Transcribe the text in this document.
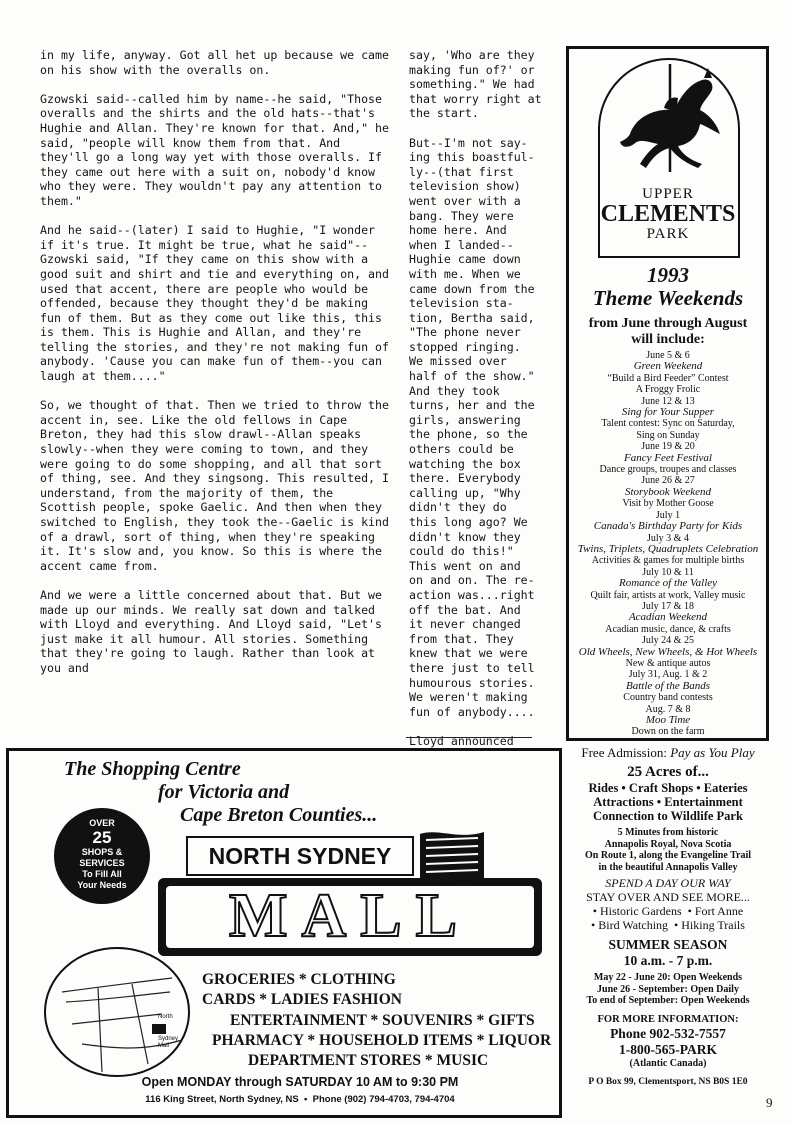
in my life, anyway. Got all het up because we came on his show with the overalls on.

Gzowski said--called him by name--he said, "Those overalls and the shirts and the old hats--that's Hughie and Allan. They're known for that. And," he said, "people will know them from that. And they'll go a long way yet with those overalls. If they came out here with a suit on, nobody'd know who they were. They wouldn't pay any attention to them."

And he said--(later) I said to Hughie, "I wonder if it's true. It might be true, what he said"--Gzowski said, "If they came on this show with a good suit and shirt and tie and everything on, and used that accent, there are people who would be offended, because they thought they'd be making fun of them. But as they come out like this, this is them. This is Hughie and Allan, and they're telling the stories, and they're not making fun of anybody. 'Cause you can make fun of them--you can laugh at them...."

So, we thought of that. Then we tried to throw the accent in, see. Like the old fellows in Cape Breton, they had this slow drawl--Allan speaks slowly--when they were coming to town, and they were going to do some shopping, and all that sort of thing, see. And they singsong. This resulted, I understand, from the majority of them, the Scottish people, spoke Gaelic. And then when they switched to English, they took the--Gaelic is kind of a drawl, sort of thing, when they're speaking it. It's slow and, you know. So this is where the accent came from.

And we were a little concerned about that. But we made up our minds. We really sat down and talked with Lloyd and everything. And Lloyd said, "Let's just make it all humour. All stories. Something that they're going to laugh. Rather than look at you and

say, 'Who are they
making fun of?' or
something." We had
that worry right at
the start.

But--I'm not say-
ing this boastful-
ly--(that first
television show)
went over with a
bang. They were
home here. And
when I landed--
Hughie came down
with me. When we
came down from the
television sta-
tion, Bertha said,
"The phone never
stopped ringing.
We missed over
half of the show."
And they took
turns, her and the
girls, answering
the phone, so the
others could be
watching the box
there. Everybody
calling up, "Why
didn't they do
this long ago? We
didn't know they
could do this!"
This went on and
on and on. The re-
action was...right
off the bat. And
it never changed
from that. They
knew that we were
there just to tell
humourous stories.
We weren't making
fun of anybody....

Lloyd announced

UPPER
CLEMENTS
PARK
1993
Theme Weekends
from June through August
will include:
June 5 & 6
Green Weekend
“Build a Bird Feeder” Contest
A Froggy Frolic
June 12 & 13
Sing for Your Supper
Talent contest: Sync on Saturday,
Sing on Sunday
June 19 & 20
Fancy Feet Festival
Dance groups, troupes and classes
June 26 & 27
Storybook Weekend
Visit by Mother Goose
July 1
Canada's Birthday Party for Kids
July 3 & 4
Twins, Triplets, Quadruplets Celebration
Activities & games for multiple births
July 10 & 11
Romance of the Valley
Quilt fair, artists at work, Valley music
July 17 & 18
Acadian Weekend
Acadian music, dance, & crafts
July 24 & 25
Old Wheels, New Wheels, & Hot Wheels
New & antique autos
July 31, Aug. 1 & 2
Battle of the Bands
Country band contests
Aug. 7 & 8
Moo Time
Down on the farm
Free Admission: Pay as You Play
25 Acres of...
Rides • Craft Shops • Eateries
Attractions • Entertainment
Connection to Wildlife Park
5 Minutes from historic
Annapolis Royal, Nova Scotia
On Route 1, along the Evangeline Trail
in the beautiful Annapolis Valley
SPEND A DAY OUR WAY
STAY OVER AND SEE MORE...
• Historic Gardens  • Fort Anne
• Bird Watching  • Hiking Trails
SUMMER SEASON
10 a.m. - 7 p.m.
May 22 - June 20: Open Weekends
June 26 - September: Open Daily
To end of September: Open Weekends
FOR MORE INFORMATION:
Phone 902-532-7557
1-800-565-PARK
(Atlantic Canada)
P O Box 99, Clementsport, NS B0S 1E0
The Shopping Centre
for Victoria and
Cape Breton Counties...
OVER
25
SHOPS &
SERVICES
To Fill All
Your Needs
NORTH SYDNEY
MALL
North
Sydney
Mall
GROCERIES * CLOTHING
CARDS * LADIES FASHION
ENTERTAINMENT * SOUVENIRS * GIFTS
PHARMACY * HOUSEHOLD ITEMS * LIQUOR
DEPARTMENT STORES * MUSIC
Open MONDAY through SATURDAY 10 AM to 9:30 PM
116 King Street, North Sydney, NS  •  Phone (902) 794-4703, 794-4704	9
